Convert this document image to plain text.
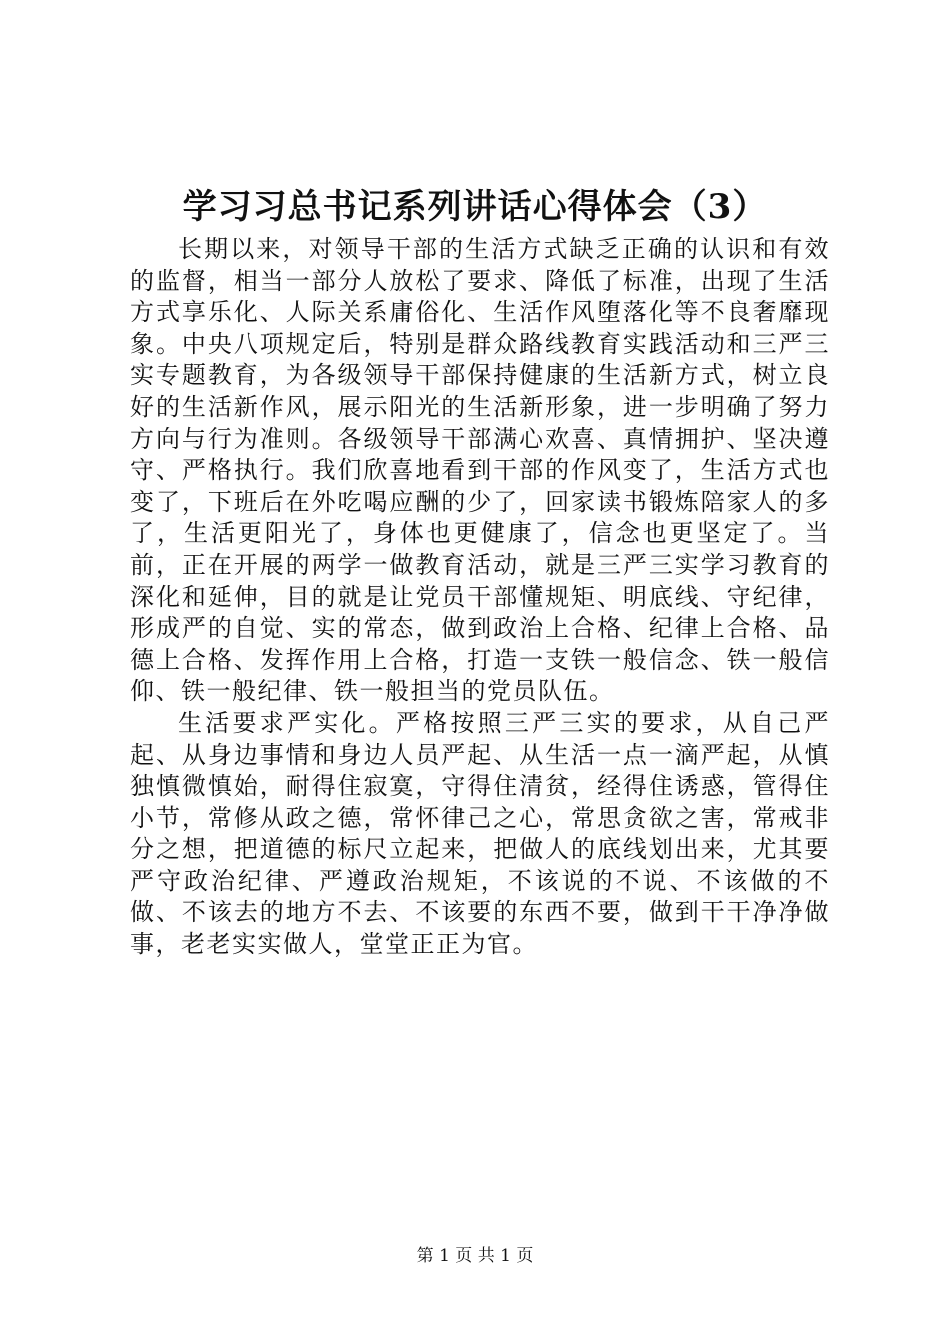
学习习总书记系列讲话心得体会（3）

长期以来，对领导干部的生活方式缺乏正确的认识和有效的监督，相当一部分人放松了要求、降低了标准，出现了生活方式享乐化、人际关系庸俗化、生活作风堕落化等不良奢靡现象。中央八项规定后，特别是群众路线教育实践活动和三严三实专题教育，为各级领导干部保持健康的生活新方式，树立良好的生活新作风，展示阳光的生活新形象，进一步明确了努力方向与行为准则。各级领导干部满心欢喜、真情拥护、坚决遵守、严格执行。我们欣喜地看到干部的作风变了，生活方式也变了，下班后在外吃喝应酬的少了，回家读书锻炼陪家人的多了，生活更阳光了，身体也更健康了，信念也更坚定了。当前，正在开展的两学一做教育活动，就是三严三实学习教育的深化和延伸，目的就是让党员干部懂规矩、明底线、守纪律，形成严的自觉、实的常态，做到政治上合格、纪律上合格、品德上合格、发挥作用上合格，打造一支铁一般信念、铁一般信仰、铁一般纪律、铁一般担当的党员队伍。

生活要求严实化。严格按照三严三实的要求，从自己严起、从身边事情和身边人员严起、从生活一点一滴严起，从慎独慎微慎始，耐得住寂寞，守得住清贫，经得住诱惑，管得住小节，常修从政之德，常怀律己之心，常思贪欲之害，常戒非分之想，把道德的标尺立起来，把做人的底线划出来，尤其要严守政治纪律、严遵政治规矩，不该说的不说、不该做的不做、不该去的地方不去、不该要的东西不要，做到干干净净做事，老老实实做人，堂堂正正为官。

第 1 页 共 1 页
